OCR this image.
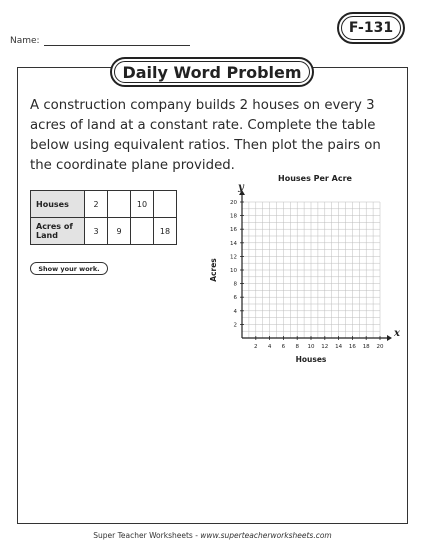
Name:
F-131
Daily Word Problem
A construction company builds 2 houses on every 3 acres of land at a constant rate. Complete the table below using equivalent ratios. Then plot the pairs on the coordinate plane provided.
Houses	2		10	
Acres of Land	3	9		18
Show your work.
Houses Per Acre
2 4 6 8 10 12 14 16 18 20
2
4
6
8
10
12
14
16
18
20
x
y
Houses
Acres
Super Teacher Worksheets - www.superteacherworksheets.com
